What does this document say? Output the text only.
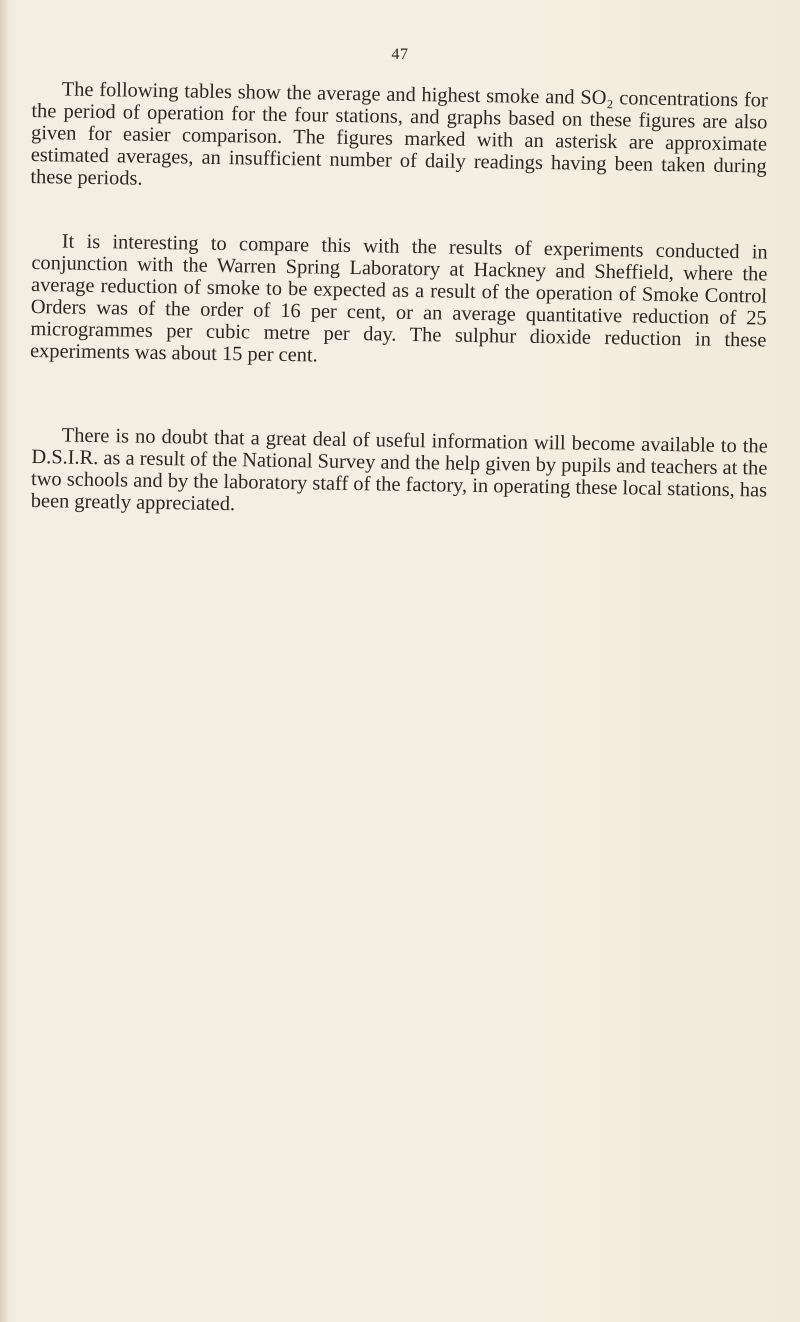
47

The following tables show the average and highest smoke and SO₂ concentrations for the period of operation for the four stations, and graphs based on these figures are also given for easier comparison. The figures marked with an asterisk are approximate estimated averages, an insufficient number of daily readings having been taken during these periods.

It is interesting to compare this with the results of experiments conducted in conjunction with the Warren Spring Laboratory at Hackney and Sheffield, where the average reduction of smoke to be expected as a result of the operation of Smoke Control Orders was of the order of 16 per cent, or an average quantitative reduction of 25 microgrammes per cubic metre per day. The sulphur dioxide reduction in these experiments was about 15 per cent.

There is no doubt that a great deal of useful information will become available to the D.S.I.R. as a result of the National Survey and the help given by pupils and teachers at the two schools and by the laboratory staff of the factory, in operating these local stations, has been greatly appreciated.
